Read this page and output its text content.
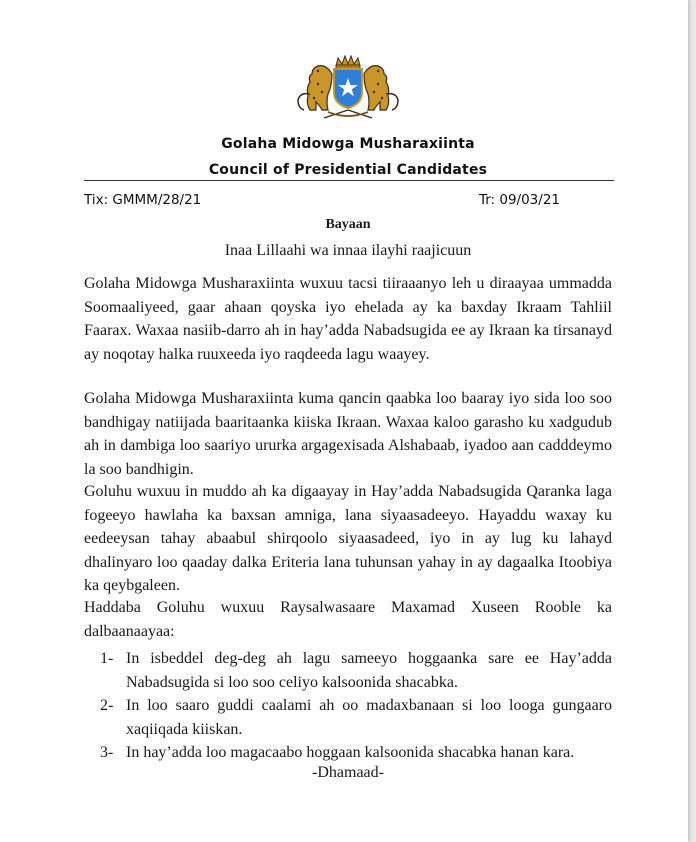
Golaha Midowga Musharaxiinta
Council of Presidential Candidates
Tix: GMMM/28/21	Tr: 09/03/21
Bayaan
Inaa Lillaahi wa innaa ilayhi raajicuun

Golaha Midowga Musharaxiinta wuxuu tacsi tiiraaanyo leh u diraayaa ummadda Soomaaliyeed, gaar ahaan qoyska iyo ehelada ay ka baxday Ikraam Tahliil Faarax. Waxaa nasiib-darro ah in hay’adda Nabadsugida ee ay Ikraan ka tirsanayd ay noqotay halka ruuxeeda iyo raqdeeda lagu waayey.

Golaha Midowga Musharaxiinta kuma qancin qaabka loo baaray iyo sida loo soo bandhigay natiijada baaritaanka kiiska Ikraan. Waxaa kaloo garasho ku xadgudub ah in dambiga loo saariyo ururka argagexisada Alshabaab, iyadoo aan cadddeymo la soo bandhigin.

Goluhu wuxuu in muddo ah ka digaayay in Hay’adda Nabadsugida Qaranka laga fogeeyo hawlaha ka baxsan amniga, lana siyaasadeeyo. Hayaddu waxay ku eedeeysan tahay abaabul shirqoolo siyaasadeed, iyo in ay lug ku lahayd dhalinyaro loo qaaday dalka Eriteria lana tuhunsan yahay in ay dagaalka Itoobiya ka qeybgaleen.

Haddaba Goluhu wuxuu Raysalwasaare Maxamad Xuseen Rooble ka dalbaanaayaa:

1- In isbeddel deg-deg ah lagu sameeyo hoggaanka sare ee Hay’adda Nabadsugida si loo soo celiyo kalsoonida shacabka.
2- In loo saaro guddi caalami ah oo madaxbanaan si loo looga gungaaro xaqiiqada kiiskan.
3- In hay’adda loo magacaabo hoggaan kalsoonida shacabka hanan kara.
-Dhamaad-
